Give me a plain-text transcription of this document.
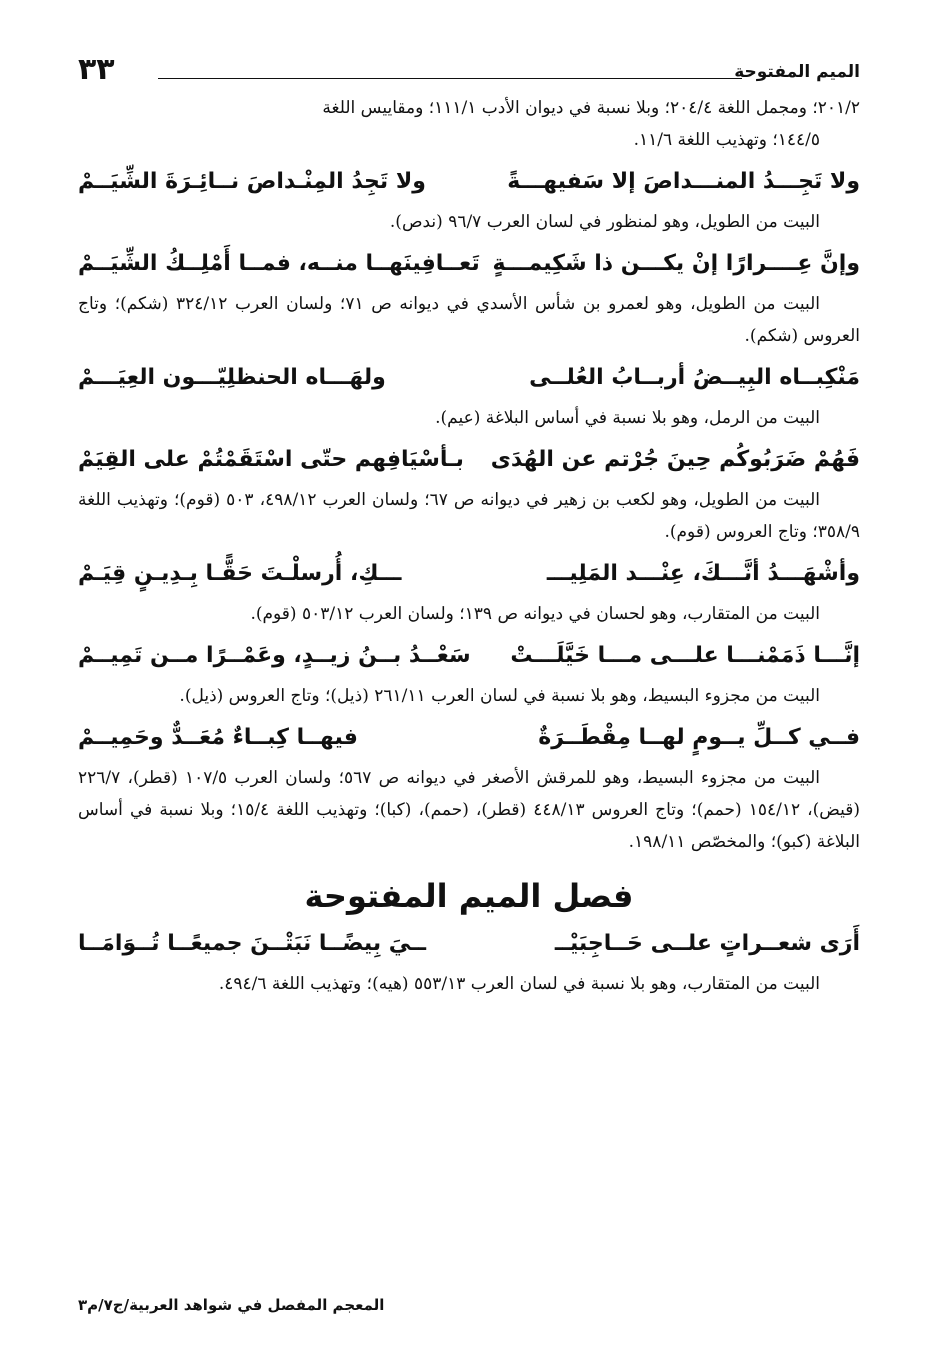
الميم المفتوحة
٣٣

٢٠١/٢؛ ومجمل اللغة ٢٠٤/٤؛ وبلا نسبة في ديوان الأدب ١١١/١؛ ومقاييس اللغة

١٤٤/٥؛ وتهذيب اللغة ١١/٦.

ولا تَجِـــدُ المنـــداصَ إلا سَفيهـــةً
ولا تَجِدُ المِنْـداصَ نــائِـرَةَ الشِّيَــمْ

البيت من الطويل، وهو لمنظور في لسان العرب ٩٦/٧ (ندص).

وإنَّ عِــــرارًا إنْ يكـــن ذا شَكِيمـــةٍ
تَعــافِينَهــا منــه، فمــا أَمْلِــكُ الشِّيَــمْ

البيت من الطويل، وهو لعمرو بن شأس الأسدي في ديوانه ص ٧١؛ ولسان العرب ٣٢٤/١٢ (شكم)؛ وتاج العروس (شكم).

مَنْكِبــاه البِيــضُ أربــابُ العُلــى
ولهَـــاه الحنظلِيّـــون العِيَـــمْ

البيت من الرمل، وهو بلا نسبة في أساس البلاغة (عيم).

فَهُمْ ضَرَبُوكُم حِينَ جُرْتم عن الهُدَى
بـأسْيَافِهم حتّى اسْتَقَمْتُمْ على القِيَمْ

البيت من الطويل، وهو لكعب بن زهير في ديوانه ص ٦٧؛ ولسان العرب ٤٩٨/١٢، ٥٠٣ (قوم)؛ وتهذيب اللغة ٣٥٨/٩؛ وتاج العروس (قوم).

وأشْهَـــدُ أنَّـــكَ، عِنْـــد المَلِيـــ
ـــكِ، أُرسلْـتَ حَقًّـا بِـدِيـنٍ قِيَـمْ

البيت من المتقارب، وهو لحسان في ديوانه ص ١٣٩؛ ولسان العرب ٥٠٣/١٢ (قوم).

إنَّـــا ذَمَمْنـــا علـــى مـــا خَيَّلَـــتْ
سَعْــدُ بــنُ زيــدٍ، وعَمْــرًا مــن تَمِيــمْ

البيت من مجزوء البسيط، وهو بلا نسبة في لسان العرب ٢٦١/١١ (ذيل)؛ وتاج العروس (ذيل).

فــي كــلِّ يــومٍ لهــا مِقْطَــرَةٌ
فيهــا كِبــاءٌ مُعَــدٌّ وحَمِيــمْ

البيت من مجزوء البسيط، وهو للمرقش الأصغر في ديوانه ص ٥٦٧؛ ولسان العرب ١٠٧/٥ (قطر)، ٢٢٦/٧ (قيض)، ١٥٤/١٢ (حمم)؛ وتاج العروس ٤٤٨/١٣ (قطر)، (حمم)، (كبا)؛ وتهذيب اللغة ١٥/٤؛ وبلا نسبة في أساس البلاغة (كبو)؛ والمخصّص ١٩٨/١١.

فصل الميم المفتوحة
أَرَى شعــراتٍ علــى حَــاجِبَيْــ
ــيَ بِيضًــا نَبَتْــنَ جميعًــا تُــوَامَــا

البيت من المتقارب، وهو بلا نسبة في لسان العرب ٥٥٣/١٣ (هيه)؛ وتهذيب اللغة ٤٩٤/٦.

المعجم المفصل في شواهد العربية/ج٧/م٣
